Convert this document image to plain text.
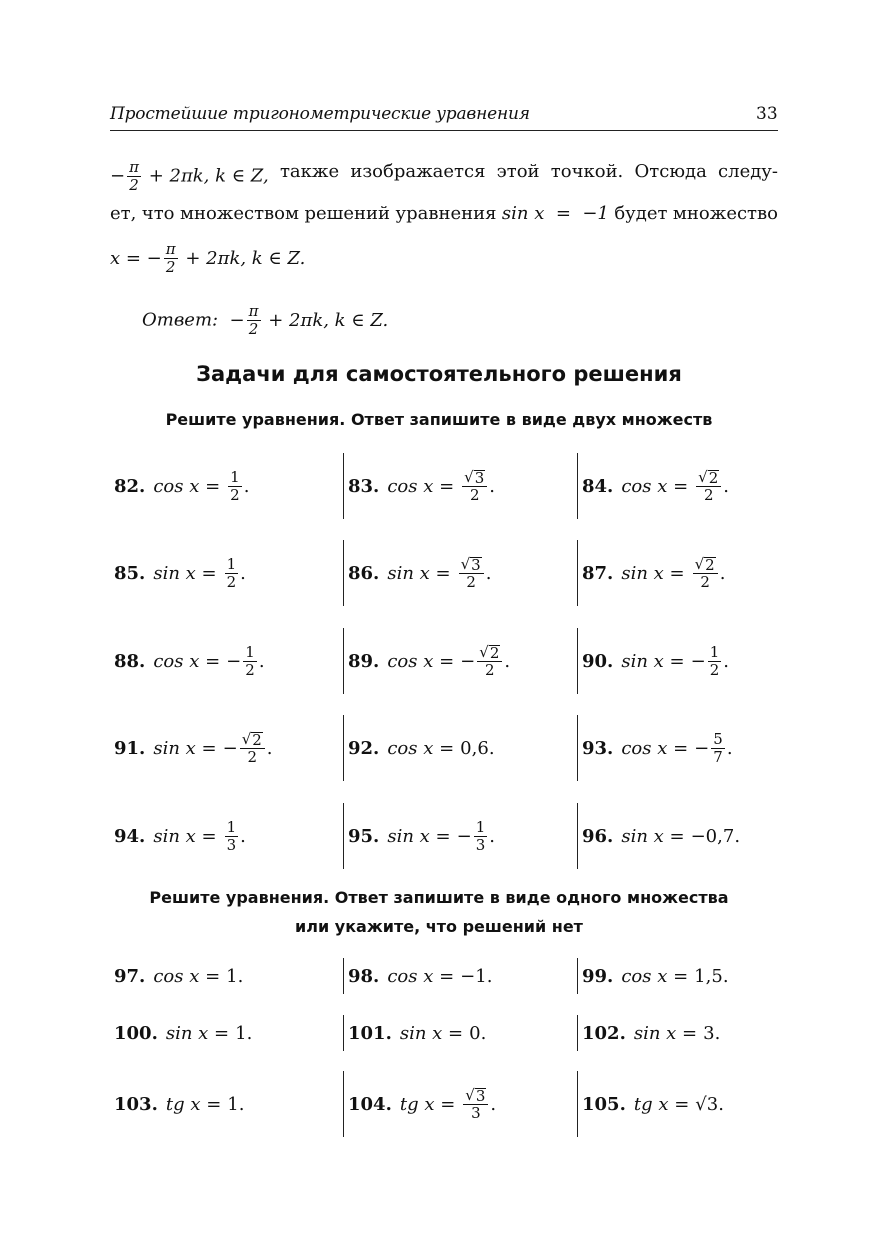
Простейшие тригонометрические уравнения	33
− $\frac{\pi}{2} + 2\pi k$, k ∈ Z, также изображается этой точкой. Отсюда следу-
ет, что множеством решений уравнения sin x  =  −1 будет множество
x = − $\frac{\pi}{2} + 2\pi k$, k ∈ Z.
Ответ: − $\frac{\pi}{2} + 2\pi k$, k ∈ Z.
Задачи для самостоятельного решения
Решите уравнения. Ответ запишите в виде двух множеств
82. $\cos x = \frac{1}{2}$ .	83. $\cos x = \frac{√ 3}{2}$ .	84. $\cos x = \frac{√ 2}{2}$ .
85. $\sin x = \frac{1}{2}$ .	86. $\sin x = \frac{√ 3}{2}$ .	87. $\sin x = \frac{√ 2}{2}$ .
88. cos x = − $\frac{1}{2}$ .	89. cos x = − $\frac{√ 2}{2}$ .	90. sin x = − $\frac{1}{2}$ .
91. sin x = − $\frac{√ 2}{2}$ .	92. cos x = 0,6 .	93. cos x = − $\frac{5}{7}$ .
94. $\sin x = \frac{1}{3}$ .	95. sin x = − $\frac{1}{3}$ .	96. sin x = −0,7 .
Решите уравнения. Ответ запишите в виде одного множества
или укажите, что решений нет
97. cos x = 1 .	98. cos x = −1 .	99. cos x = 1,5 .
100. sin x = 1 .	101. sin x = 0 .	102. sin x = 3 .
103. tg x = 1 .	104. tg $x = \frac{√ 3}{3}$ .	105. tg x = √3 .
